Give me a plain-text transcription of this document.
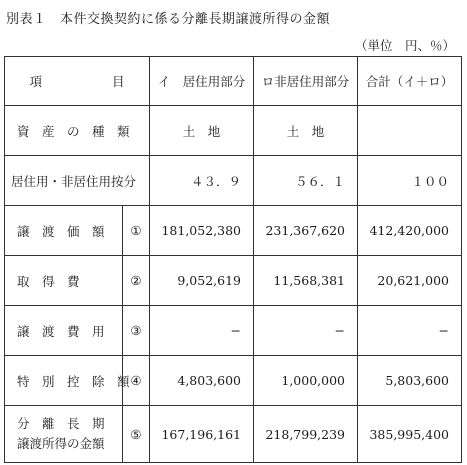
別表１　本件交換契約に係る分離長期譲渡所得の金額
（単位　円、％）
項 目		イ　居住用部分	ロ非居住用部分	合計（イ＋ロ）
資　産　の　種　類		土　地	土　地	
居住用・非居住用按分		４３．９	５６．１	１００
譲　渡　価　額	①	181,052,380	231,367,620	412,420,000
取　得　費	②	9,052,619	11,568,381	20,621,000
譲　渡　費　用	③	−	−	−
特　別　控　除　額	④	4,803,600	1,000,000	5,803,600

分　離　長　期
譲渡所得の金額	⑤	167,196,161	218,799,239	385,995,400
